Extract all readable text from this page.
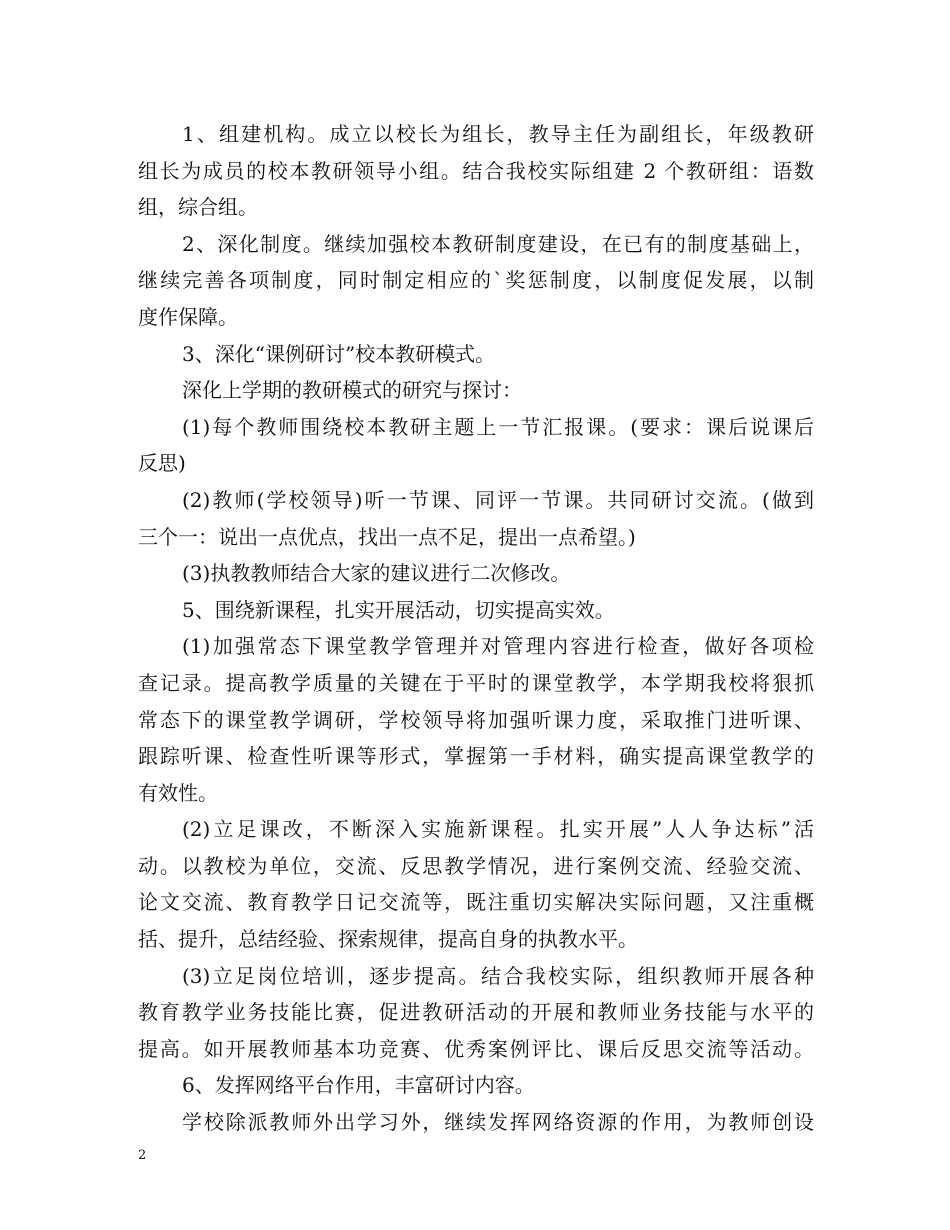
1、组建机构。成立以校长为组长，教导主任为副组长，年级教研
组长为成员的校本教研领导小组。结合我校实际组建 2 个教研组：语数
组，综合组。
2、深化制度。继续加强校本教研制度建设，在已有的制度基础上，
继续完善各项制度，同时制定相应的`奖惩制度，以制度促发展，以制
度作保障。
3、深化“课例研讨”校本教研模式。
深化上学期的教研模式的研究与探讨：
(1)每个教师围绕校本教研主题上一节汇报课。(要求：课后说课后
反思)
(2)教师(学校领导)听一节课、同评一节课。共同研讨交流。(做到
三个一：说出一点优点，找出一点不足，提出一点希望。)
(3)执教教师结合大家的建议进行二次修改。
5、围绕新课程，扎实开展活动，切实提高实效。
(1)加强常态下课堂教学管理并对管理内容进行检查，做好各项检
查记录。提高教学质量的关键在于平时的课堂教学，本学期我校将狠抓
常态下的课堂教学调研，学校领导将加强听课力度，采取推门进听课、
跟踪听课、检查性听课等形式，掌握第一手材料，确实提高课堂教学的
有效性。
(2)立足课改，不断深入实施新课程。扎实开展”人人争达标”活
动。以教校为单位，交流、反思教学情况，进行案例交流、经验交流、
论文交流、教育教学日记交流等，既注重切实解决实际问题，又注重概
括、提升，总结经验、探索规律，提高自身的执教水平。
(3)立足岗位培训，逐步提高。结合我校实际，组织教师开展各种
教育教学业务技能比赛，促进教研活动的开展和教师业务技能与水平的
提高。如开展教师基本功竞赛、优秀案例评比、课后反思交流等活动。
6、发挥网络平台作用，丰富研讨内容。
学校除派教师外出学习外，继续发挥网络资源的作用，为教师创设
2
